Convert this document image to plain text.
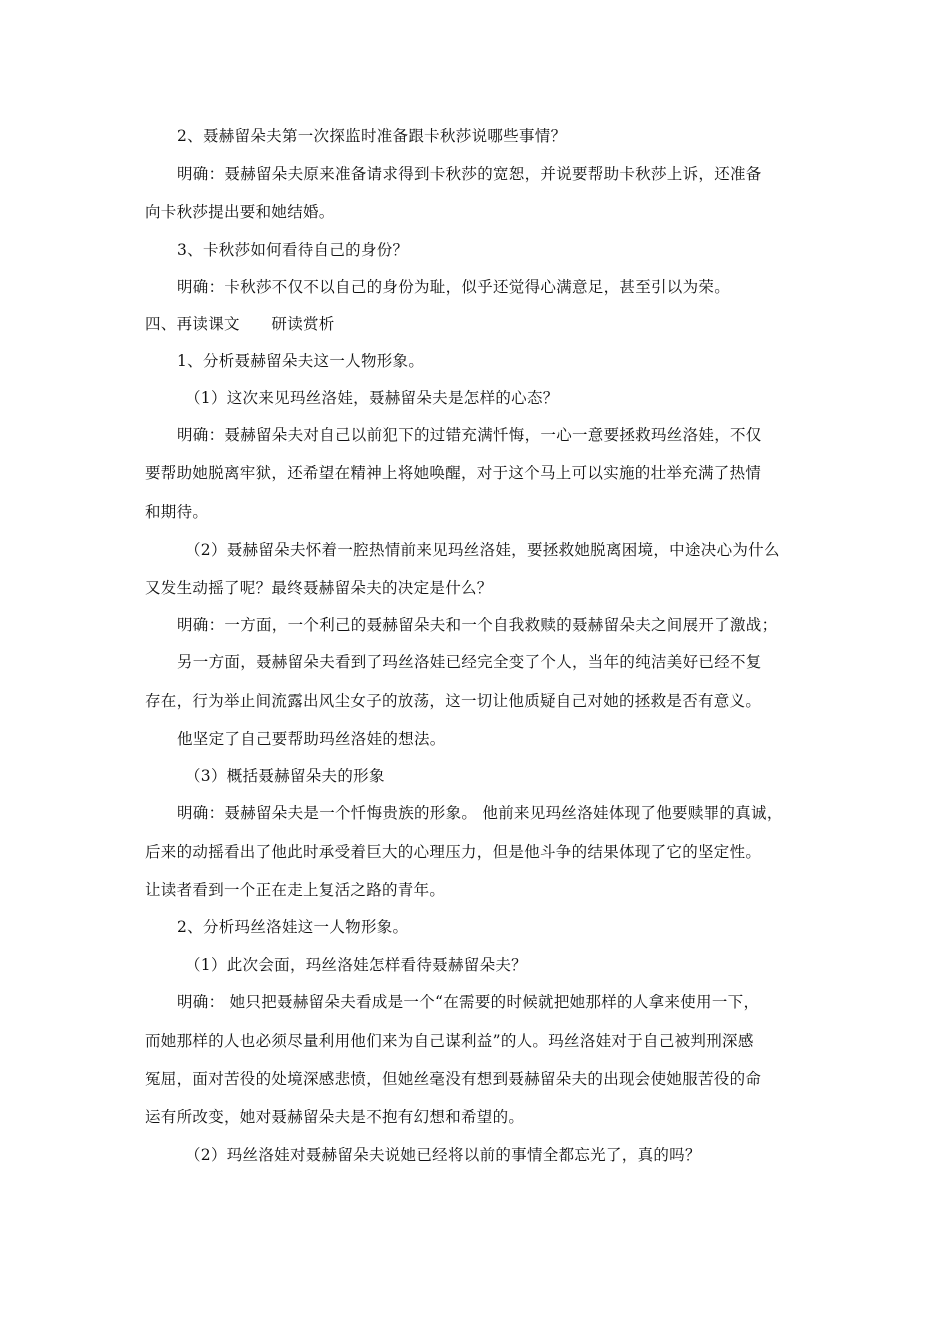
2、聂赫留朵夫第一次探监时准备跟卡秋莎说哪些事情？
明确：聂赫留朵夫原来准备请求得到卡秋莎的宽恕，并说要帮助卡秋莎上诉，还准备
向卡秋莎提出要和她结婚。
3、卡秋莎如何看待自己的身份？
明确：卡秋莎不仅不以自己的身份为耻，似乎还觉得心满意足，甚至引以为荣。
四、再读课文　　研读赏析
1、分析聂赫留朵夫这一人物形象。
（1）这次来见玛丝洛娃，聂赫留朵夫是怎样的心态？
明确：聂赫留朵夫对自己以前犯下的过错充满忏悔，一心一意要拯救玛丝洛娃，不仅
要帮助她脱离牢狱，还希望在精神上将她唤醒，对于这个马上可以实施的壮举充满了热情
和期待。
（2）聂赫留朵夫怀着一腔热情前来见玛丝洛娃，要拯救她脱离困境，中途决心为什么
又发生动摇了呢？最终聂赫留朵夫的决定是什么？
明确：一方面，一个利己的聂赫留朵夫和一个自我救赎的聂赫留朵夫之间展开了激战；
另一方面，聂赫留朵夫看到了玛丝洛娃已经完全变了个人，当年的纯洁美好已经不复
存在，行为举止间流露出风尘女子的放荡，这一切让他质疑自己对她的拯救是否有意义。
他坚定了自己要帮助玛丝洛娃的想法。
（3）概括聂赫留朵夫的形象
明确：聂赫留朵夫是一个忏悔贵族的形象。 他前来见玛丝洛娃体现了他要赎罪的真诚，
后来的动摇看出了他此时承受着巨大的心理压力，但是他斗争的结果体现了它的坚定性。
让读者看到一个正在走上复活之路的青年。
2、分析玛丝洛娃这一人物形象。
（1）此次会面，玛丝洛娃怎样看待聂赫留朵夫？
明确： 她只把聂赫留朵夫看成是一个“在需要的时候就把她那样的人拿来使用一下，
而她那样的人也必须尽量利用他们来为自己谋利益”的人。玛丝洛娃对于自己被判刑深感
冤屈，面对苦役的处境深感悲愤，但她丝毫没有想到聂赫留朵夫的出现会使她服苦役的命
运有所改变，她对聂赫留朵夫是不抱有幻想和希望的。
（2）玛丝洛娃对聂赫留朵夫说她已经将以前的事情全都忘光了，真的吗？
